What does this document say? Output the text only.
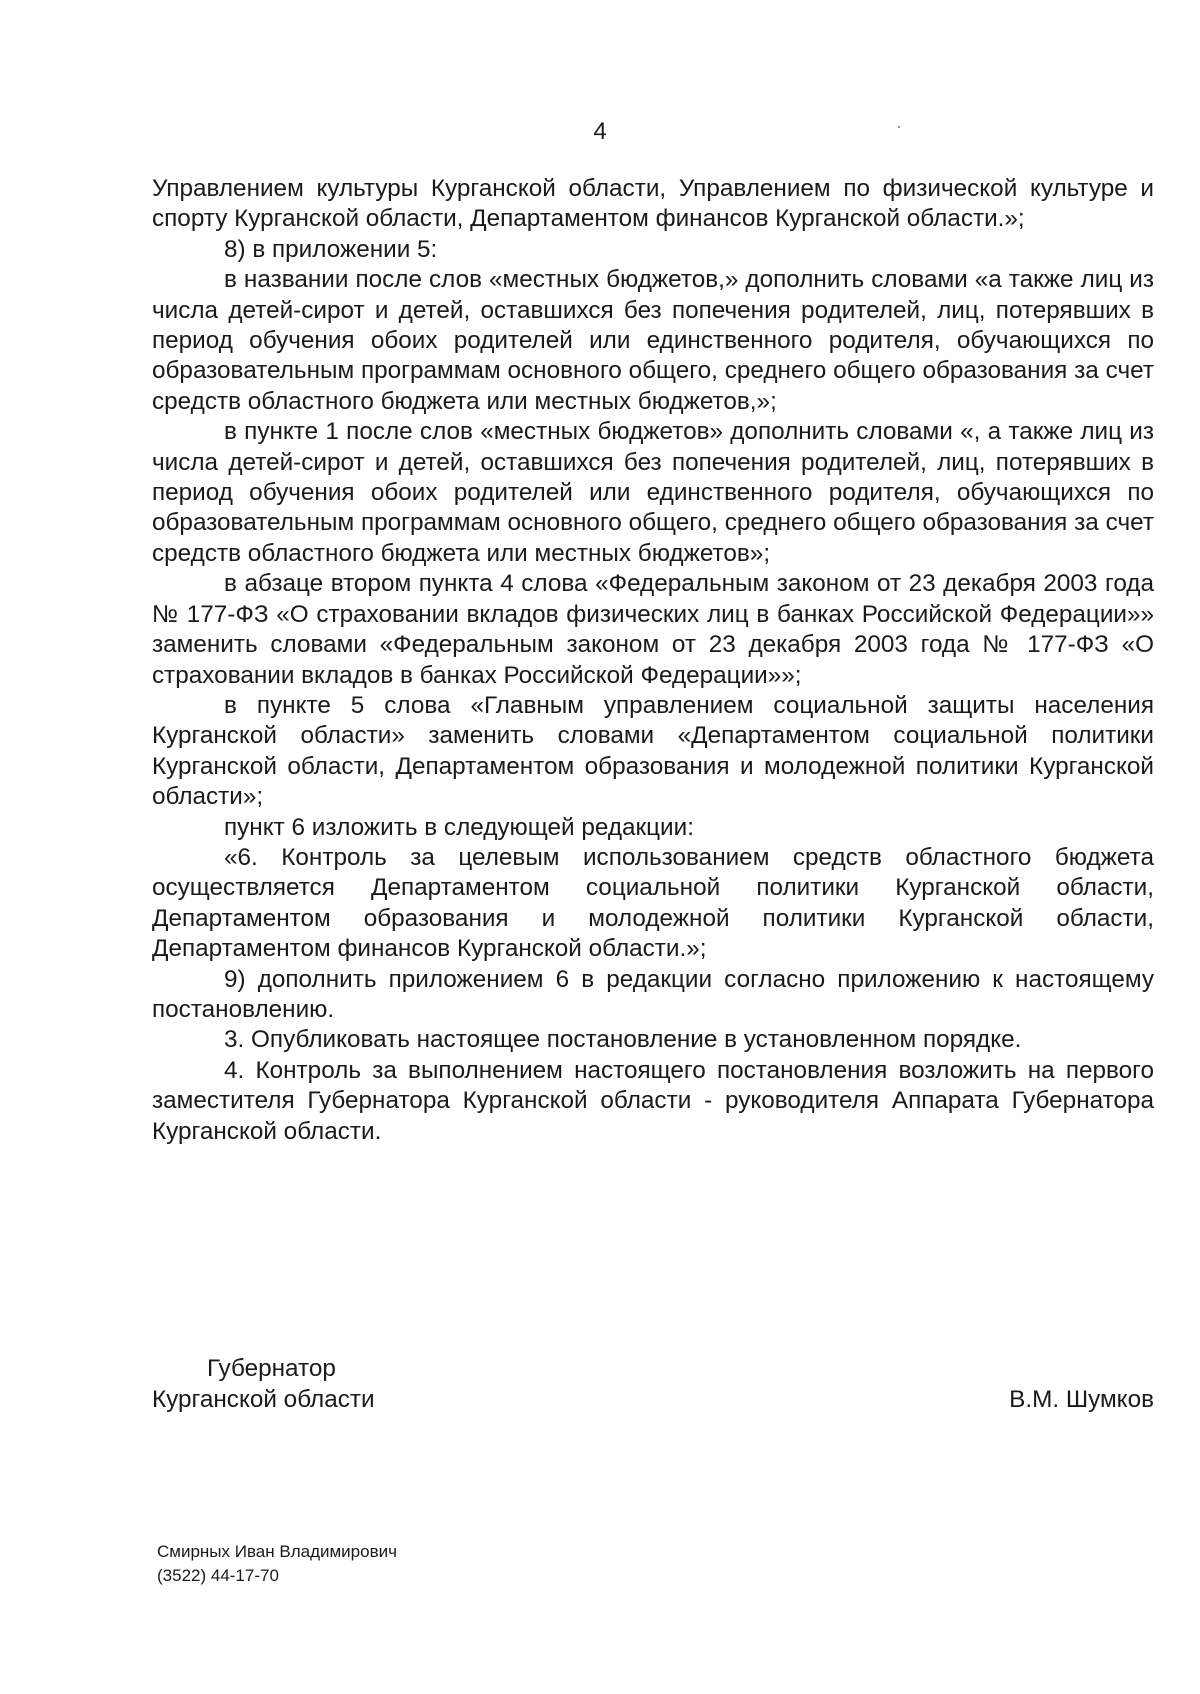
4

Управлением культуры Курганской области, Управлением по физической культуре и спорту Курганской области, Департаментом финансов Курганской области.»;

8) в приложении 5:

в названии после слов «местных бюджетов,» дополнить словами «а также лиц из числа детей-сирот и детей, оставшихся без попечения родителей, лиц, потерявших в период обучения обоих родителей или единственного родителя, обучающихся по образовательным программам основного общего, среднего общего образования за счет средств областного бюджета или местных бюджетов,»;

в пункте 1 после слов «местных бюджетов» дополнить словами «, а также лиц из числа детей-сирот и детей, оставшихся без попечения родителей, лиц, потерявших в период обучения обоих родителей или единственного родителя, обучающихся по образовательным программам основного общего, среднего общего образования за счет средств областного бюджета или местных бюджетов»;

в абзаце втором пункта 4 слова «Федеральным законом от 23 декабря 2003 года № 177-ФЗ «О страховании вкладов физических лиц в банках Российской Федерации»» заменить словами «Федеральным законом от 23 декабря 2003 года № 177-ФЗ «О страховании вкладов в банках Российской Федерации»»;

в пункте 5 слова «Главным управлением социальной защиты населения Курганской области» заменить словами «Департаментом социальной политики Курганской области, Департаментом образования и молодежной политики Курганской области»;

пункт 6 изложить в следующей редакции:

«6. Контроль за целевым использованием средств областного бюджета осуществляется Департаментом социальной политики Курганской области, Департаментом образования и молодежной политики Курганской области, Департаментом финансов Курганской области.»;

9) дополнить приложением 6 в редакции согласно приложению к настоящему постановлению.

3. Опубликовать настоящее постановление в установленном порядке.

4. Контроль за выполнением настоящего постановления возложить на первого заместителя Губернатора Курганской области - руководителя Аппарата Губернатора Курганской области.

Губернатор
Курганской области	В.М. Шумков
Смирных Иван Владимирович
(3522) 44-17-70
